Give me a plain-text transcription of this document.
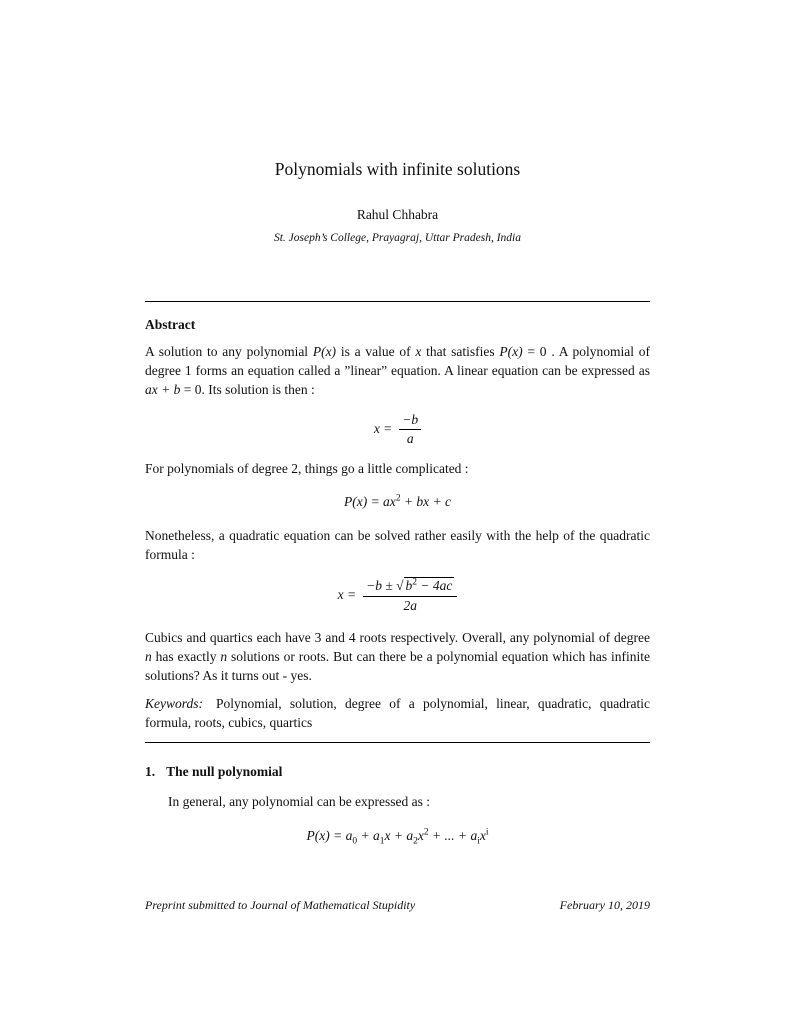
Polynomials with infinite solutions
Rahul Chhabra
St. Joseph’s College, Prayagraj, Uttar Pradesh, India
Abstract

A solution to any polynomial P(x) is a value of x that satisfies P(x) = 0 . A polynomial of degree 1 forms an equation called a ”linear” equation. A linear equation can be expressed as ax + b = 0. Its solution is then :

$x = \frac{-b}{a}$

For polynomials of degree 2, things go a little complicated :

$P(x) = ax^2$ + bx + c

Nonetheless, a quadratic equation can be solved rather easily with the help of the quadratic formula :

$x = \frac{-b \pm √ b^2 - 4ac}{2a}$

Cubics and quartics each have 3 and 4 roots respectively. Overall, any polynomial of degree n has exactly n solutions or roots. But can there be a polynomial equation which has infinite solutions? As it turns out - yes.

Keywords: Polynomial, solution, degree of a polynomial, linear, quadratic, quadratic formula, roots, cubics, quartics

1. The null polynomial

In general, any polynomial can be expressed as :

$P(x) = a_0 + a_1x + a_2x^2$ + ... + $a_ix^i$
Preprint submitted to Journal of Mathematical Stupidity	February 10, 2019
